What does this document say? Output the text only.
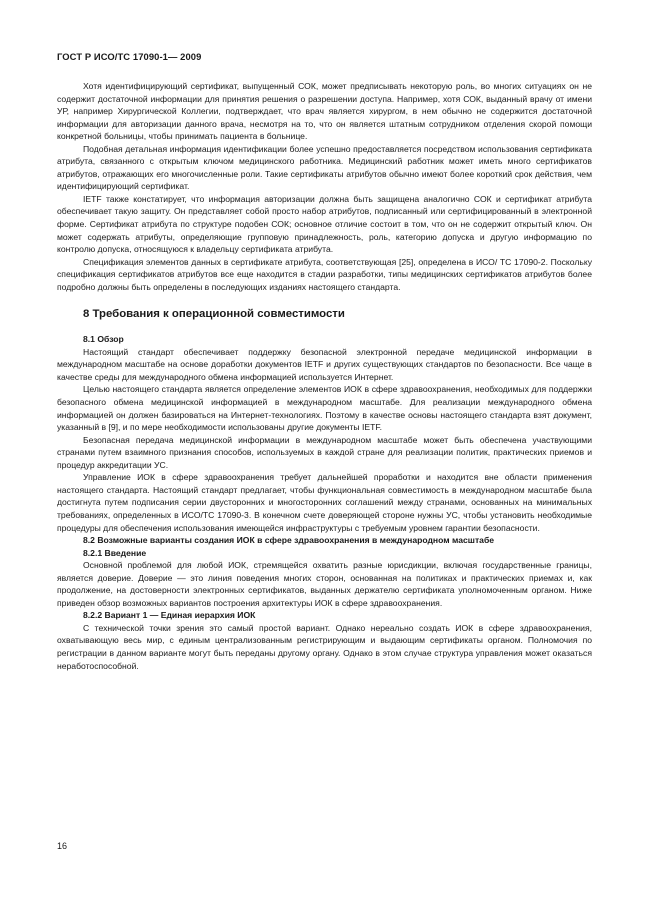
ГОСТ Р ИСО/ТС 17090-1— 2009

Хотя идентифицирующий сертификат, выпущенный СОК, может предписывать некоторую роль, во многих ситуациях он не содержит достаточной информации для принятия решения о разрешении доступа. Например, хотя СОК, выданный врачу от имени УР, например Хирургической Коллегии, подтверждает, что врач является хирургом, в нем обычно не содержится достаточной информации для авторизации данного врача, несмотря на то, что он является штатным сотрудником отделения скорой помощи конкретной больницы, чтобы принимать пациента в больнице.

Подобная детальная информация идентификации более успешно предоставляется посредством использования сертификата атрибута, связанного с открытым ключом медицинского работника. Медицинский работник может иметь много сертификатов атрибутов, отражающих его многочисленные роли. Такие сертификаты атрибутов обычно имеют более короткий срок действия, чем идентифицирующий сертификат.

IETF также констатирует, что информация авторизации должна быть защищена аналогично СОК и сертификат атрибута обеспечивает такую защиту. Он представляет собой просто набор атрибутов, подписанный или сертифицированный в электронной форме. Сертификат атрибута по структуре подобен СОК; основное отличие состоит в том, что он не содержит открытый ключ. Он может содержать атрибуты, определяющие групповую принадлежность, роль, категорию допуска и другую информацию по контролю допуска, относящуюся к владельцу сертификата атрибута.

Спецификация элементов данных в сертификате атрибута, соответствующая [25], определена в ИСО/ ТС 17090-2. Поскольку спецификация сертификатов атрибутов все еще находится в стадии разработки, типы медицинских сертификатов атрибутов более подробно должны быть определены в последующих изданиях настоящего стандарта.

8 Требования к операционной совместимости
8.1 Обзор

Настоящий стандарт обеспечивает поддержку безопасной электронной передаче медицинской информации в международном масштабе на основе доработки документов IETF и других существующих стандартов по безопасности. Все чаще в качестве среды для международного обмена информацией используется Интернет.

Целью настоящего стандарта является определение элементов ИОК в сфере здравоохранения, необходимых для поддержки безопасного обмена медицинской информацией в международном масштабе. Для реализации международного обмена информацией он должен базироваться на Интернет-технологиях. Поэтому в качестве основы настоящего стандарта взят документ, указанный в [9], и по мере необходимости использованы другие документы IETF.

Безопасная передача медицинской информации в международном масштабе может быть обеспечена участвующими странами путем взаимного признания способов, используемых в каждой стране для реализации политик, практических приемов и процедур аккредитации УС.

Управление ИОК в сфере здравоохранения требует дальнейшей проработки и находится вне области применения настоящего стандарта. Настоящий стандарт предлагает, чтобы функциональная совместимость в международном масштабе была достигнута путем подписания серии двусторонних и многосторонних соглашений между странами, основанных на минимальных требованиях, определенных в ИСО/ТС 17090-3. В конечном счете доверяющей стороне нужны УС, чтобы установить необходимые процедуры для обеспечения использования имеющейся инфраструктуры с требуемым уровнем гарантии безопасности.

8.2 Возможные варианты создания ИОК в сфере здравоохранения в международном масштабе
8.2.1 Введение

Основной проблемой для любой ИОК, стремящейся охватить разные юрисдикции, включая государственные границы, является доверие. Доверие — это линия поведения многих сторон, основанная на политиках и практических приемах и, как продолжение, на достоверности электронных сертификатов, выданных держателю сертификата уполномоченным органом. Ниже приведен обзор возможных вариантов построения архитектуры ИОК в сфере здравоохранения.

8.2.2 Вариант 1 — Единая иерархия ИОК

С технической точки зрения это самый простой вариант. Однако нереально создать ИОК в сфере здравоохранения, охватывающую весь мир, с единым централизованным регистрирующим и выдающим сертификаты органом. Полномочия по регистрации в данном варианте могут быть переданы другому органу. Однако в этом случае структура управления может оказаться неработоспособной.

16
